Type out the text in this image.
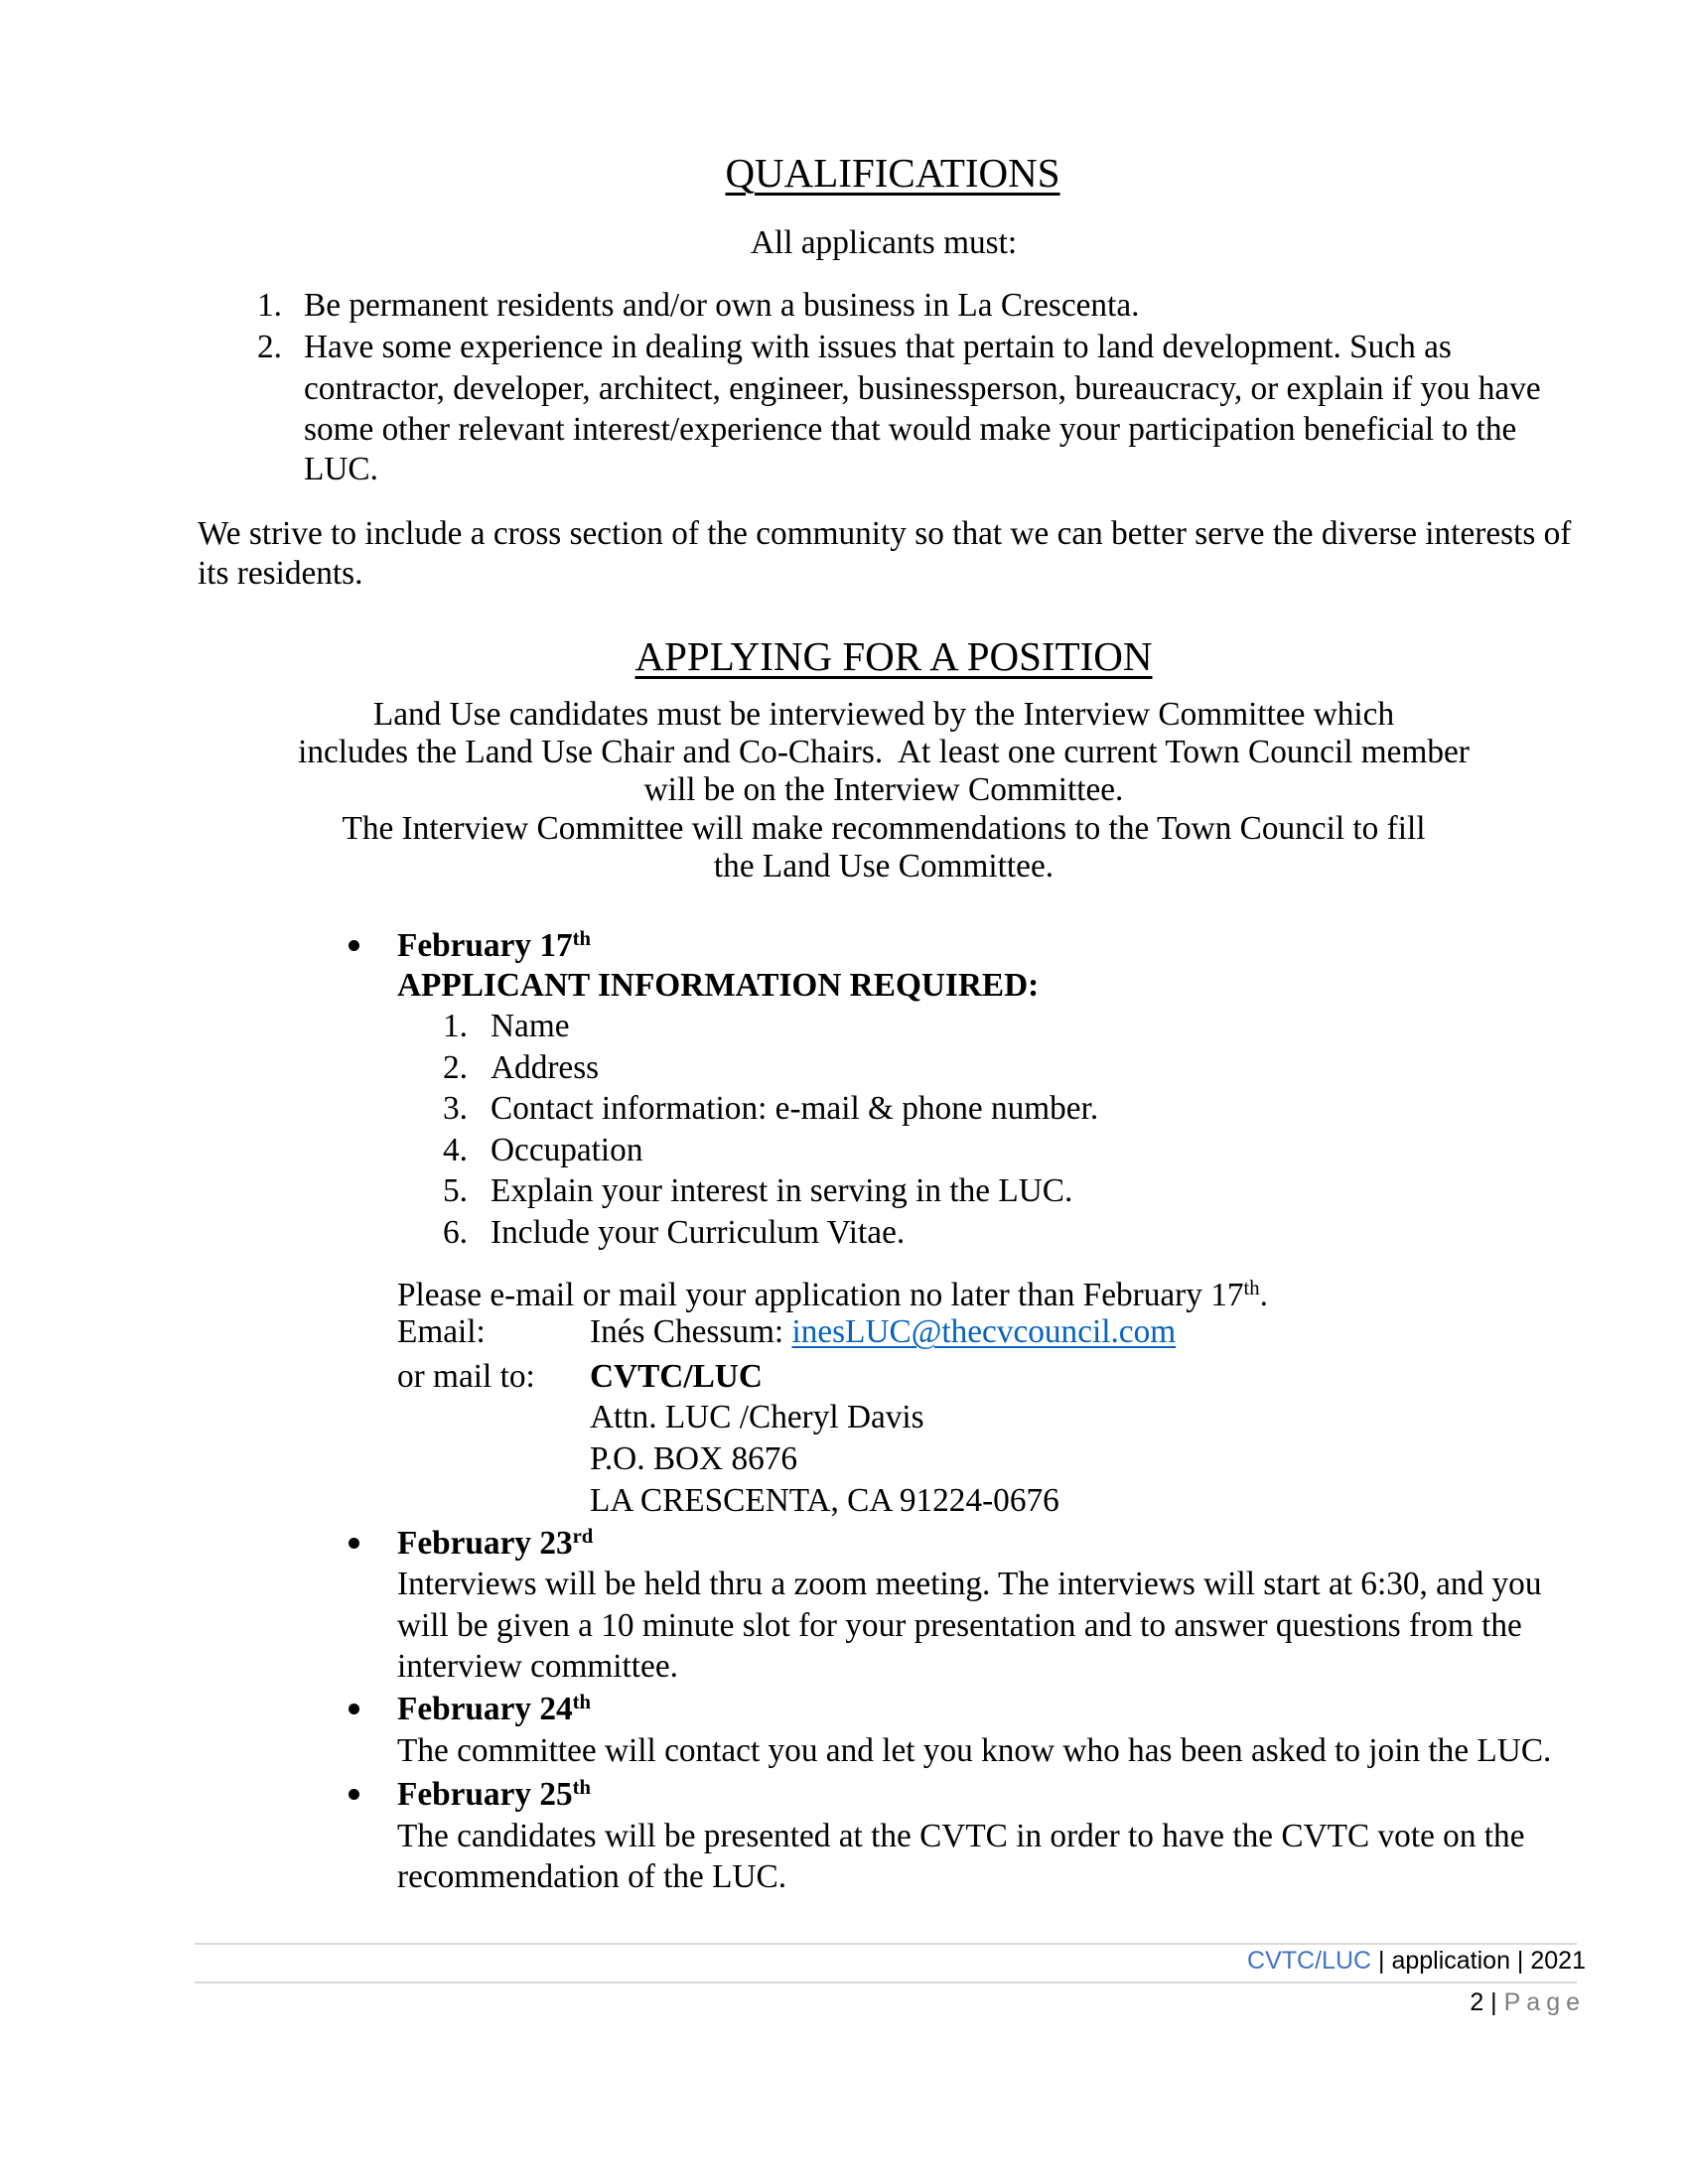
QUALIFICATIONS
All applicants must:
1. Be permanent residents and/or own a business in La Crescenta.
2. Have some experience in dealing with issues that pertain to land development. Such as
contractor, developer, architect, engineer, businessperson, bureaucracy, or explain if you have
some other relevant interest/experience that would make your participation beneficial to the
LUC.
We strive to include a cross section of the community so that we can better serve the diverse interests of
its residents.
APPLYING FOR A POSITION
Land Use candidates must be interviewed by the Interview Committee which
includes the Land Use Chair and Co-Chairs.  At least one current Town Council member
will be on the Interview Committee.
The Interview Committee will make recommendations to the Town Council to fill
the Land Use Committee.
February 17th
APPLICANT INFORMATION REQUIRED:
1. Name
2. Address
3. Contact information: e-mail & phone number.
4. Occupation
5. Explain your interest in serving in the LUC.
6. Include your Curriculum Vitae.
Please e-mail or mail your application no later than February 17th.
Email:	Inés Chessum: inesLUC@thecvcouncil.com
or mail to: CVTC/LUC
Attn. LUC /Cheryl Davis
P.O. BOX 8676
LA CRESCENTA, CA 91224-0676
February 23rd
Interviews will be held thru a zoom meeting. The interviews will start at 6:30, and you
will be given a 10 minute slot for your presentation and to answer questions from the
interview committee.
February 24th
The committee will contact you and let you know who has been asked to join the LUC.
February 25th
The candidates will be presented at the CVTC in order to have the CVTC vote on the
recommendation of the LUC.
CVTC/LUC | application | 2021
2 | Page
